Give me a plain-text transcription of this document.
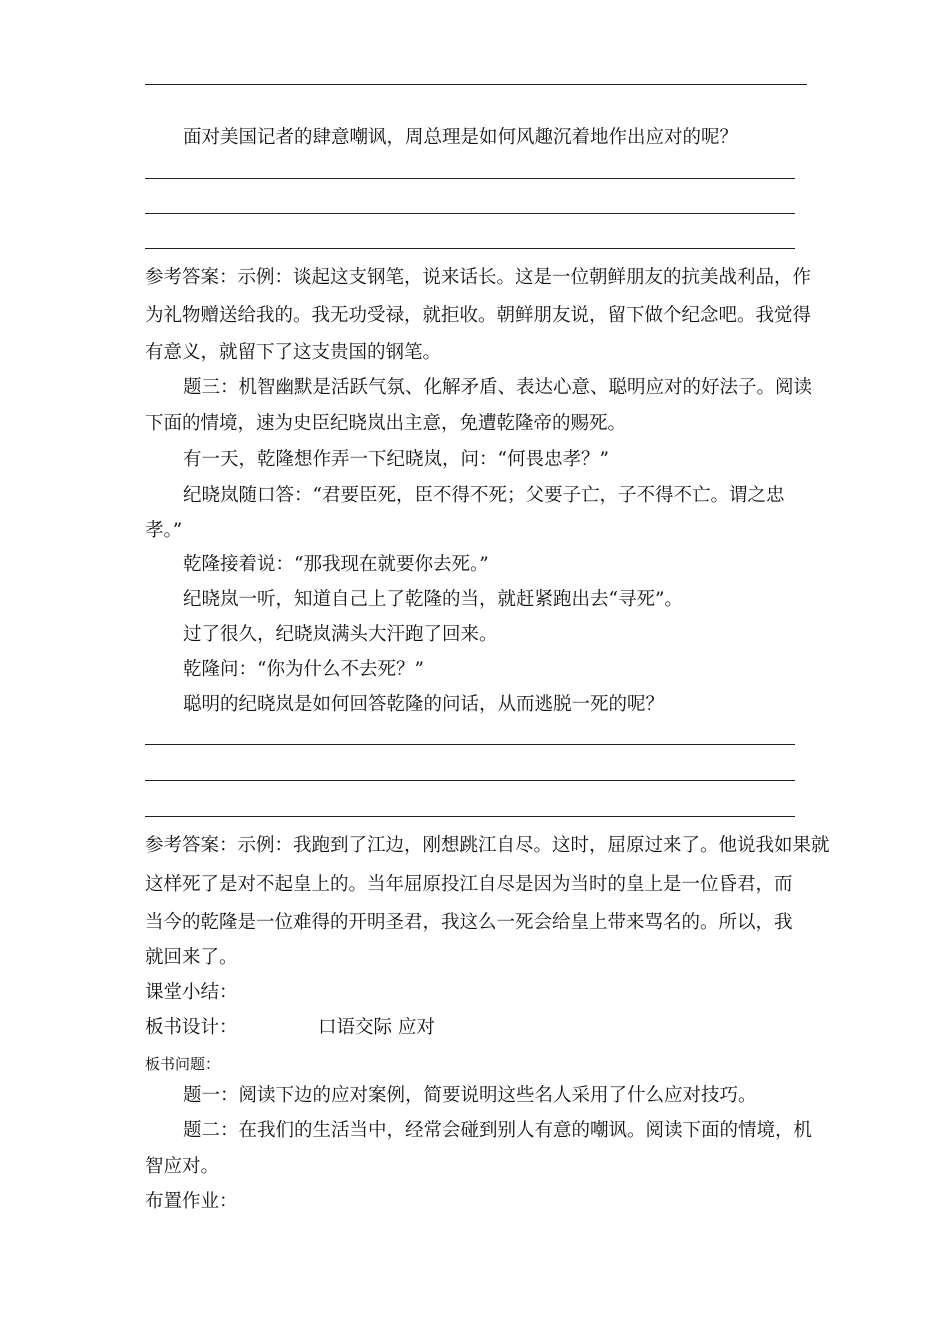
面对美国记者的肆意嘲讽，周总理是如何风趣沉着地作出应对的呢？
参考答案：示例：谈起这支钢笔，说来话长。这是一位朝鲜朋友的抗美战利品，作
为礼物赠送给我的。我无功受禄，就拒收。朝鲜朋友说，留下做个纪念吧。我觉得
有意义，就留下了这支贵国的钢笔。
题三：机智幽默是活跃气氛、化解矛盾、表达心意、聪明应对的好法子。阅读
下面的情境，速为史臣纪晓岚出主意，免遭乾隆帝的赐死。
有一天，乾隆想作弄一下纪晓岚，问：“何畏忠孝？”
纪晓岚随口答：“君要臣死，臣不得不死；父要子亡，子不得不亡。谓之忠
孝。”
乾隆接着说：“那我现在就要你去死。”
纪晓岚一听，知道自己上了乾隆的当，就赶紧跑出去“寻死”。
过了很久，纪晓岚满头大汗跑了回来。
乾隆问：“你为什么不去死？”
聪明的纪晓岚是如何回答乾隆的问话，从而逃脱一死的呢？
参考答案：示例：我跑到了江边，刚想跳江自尽。这时，屈原过来了。他说我如果就
这样死了是对不起皇上的。当年屈原投江自尽是因为当时的皇上是一位昏君，而
当今的乾隆是一位难得的开明圣君，我这么一死会给皇上带来骂名的。所以，我
就回来了。
课堂小结：
板书设计：	口语交际 应对
板书问题：
题一：阅读下边的应对案例，简要说明这些名人采用了什么应对技巧。
题二：在我们的生活当中，经常会碰到别人有意的嘲讽。阅读下面的情境，机
智应对。
布置作业：
